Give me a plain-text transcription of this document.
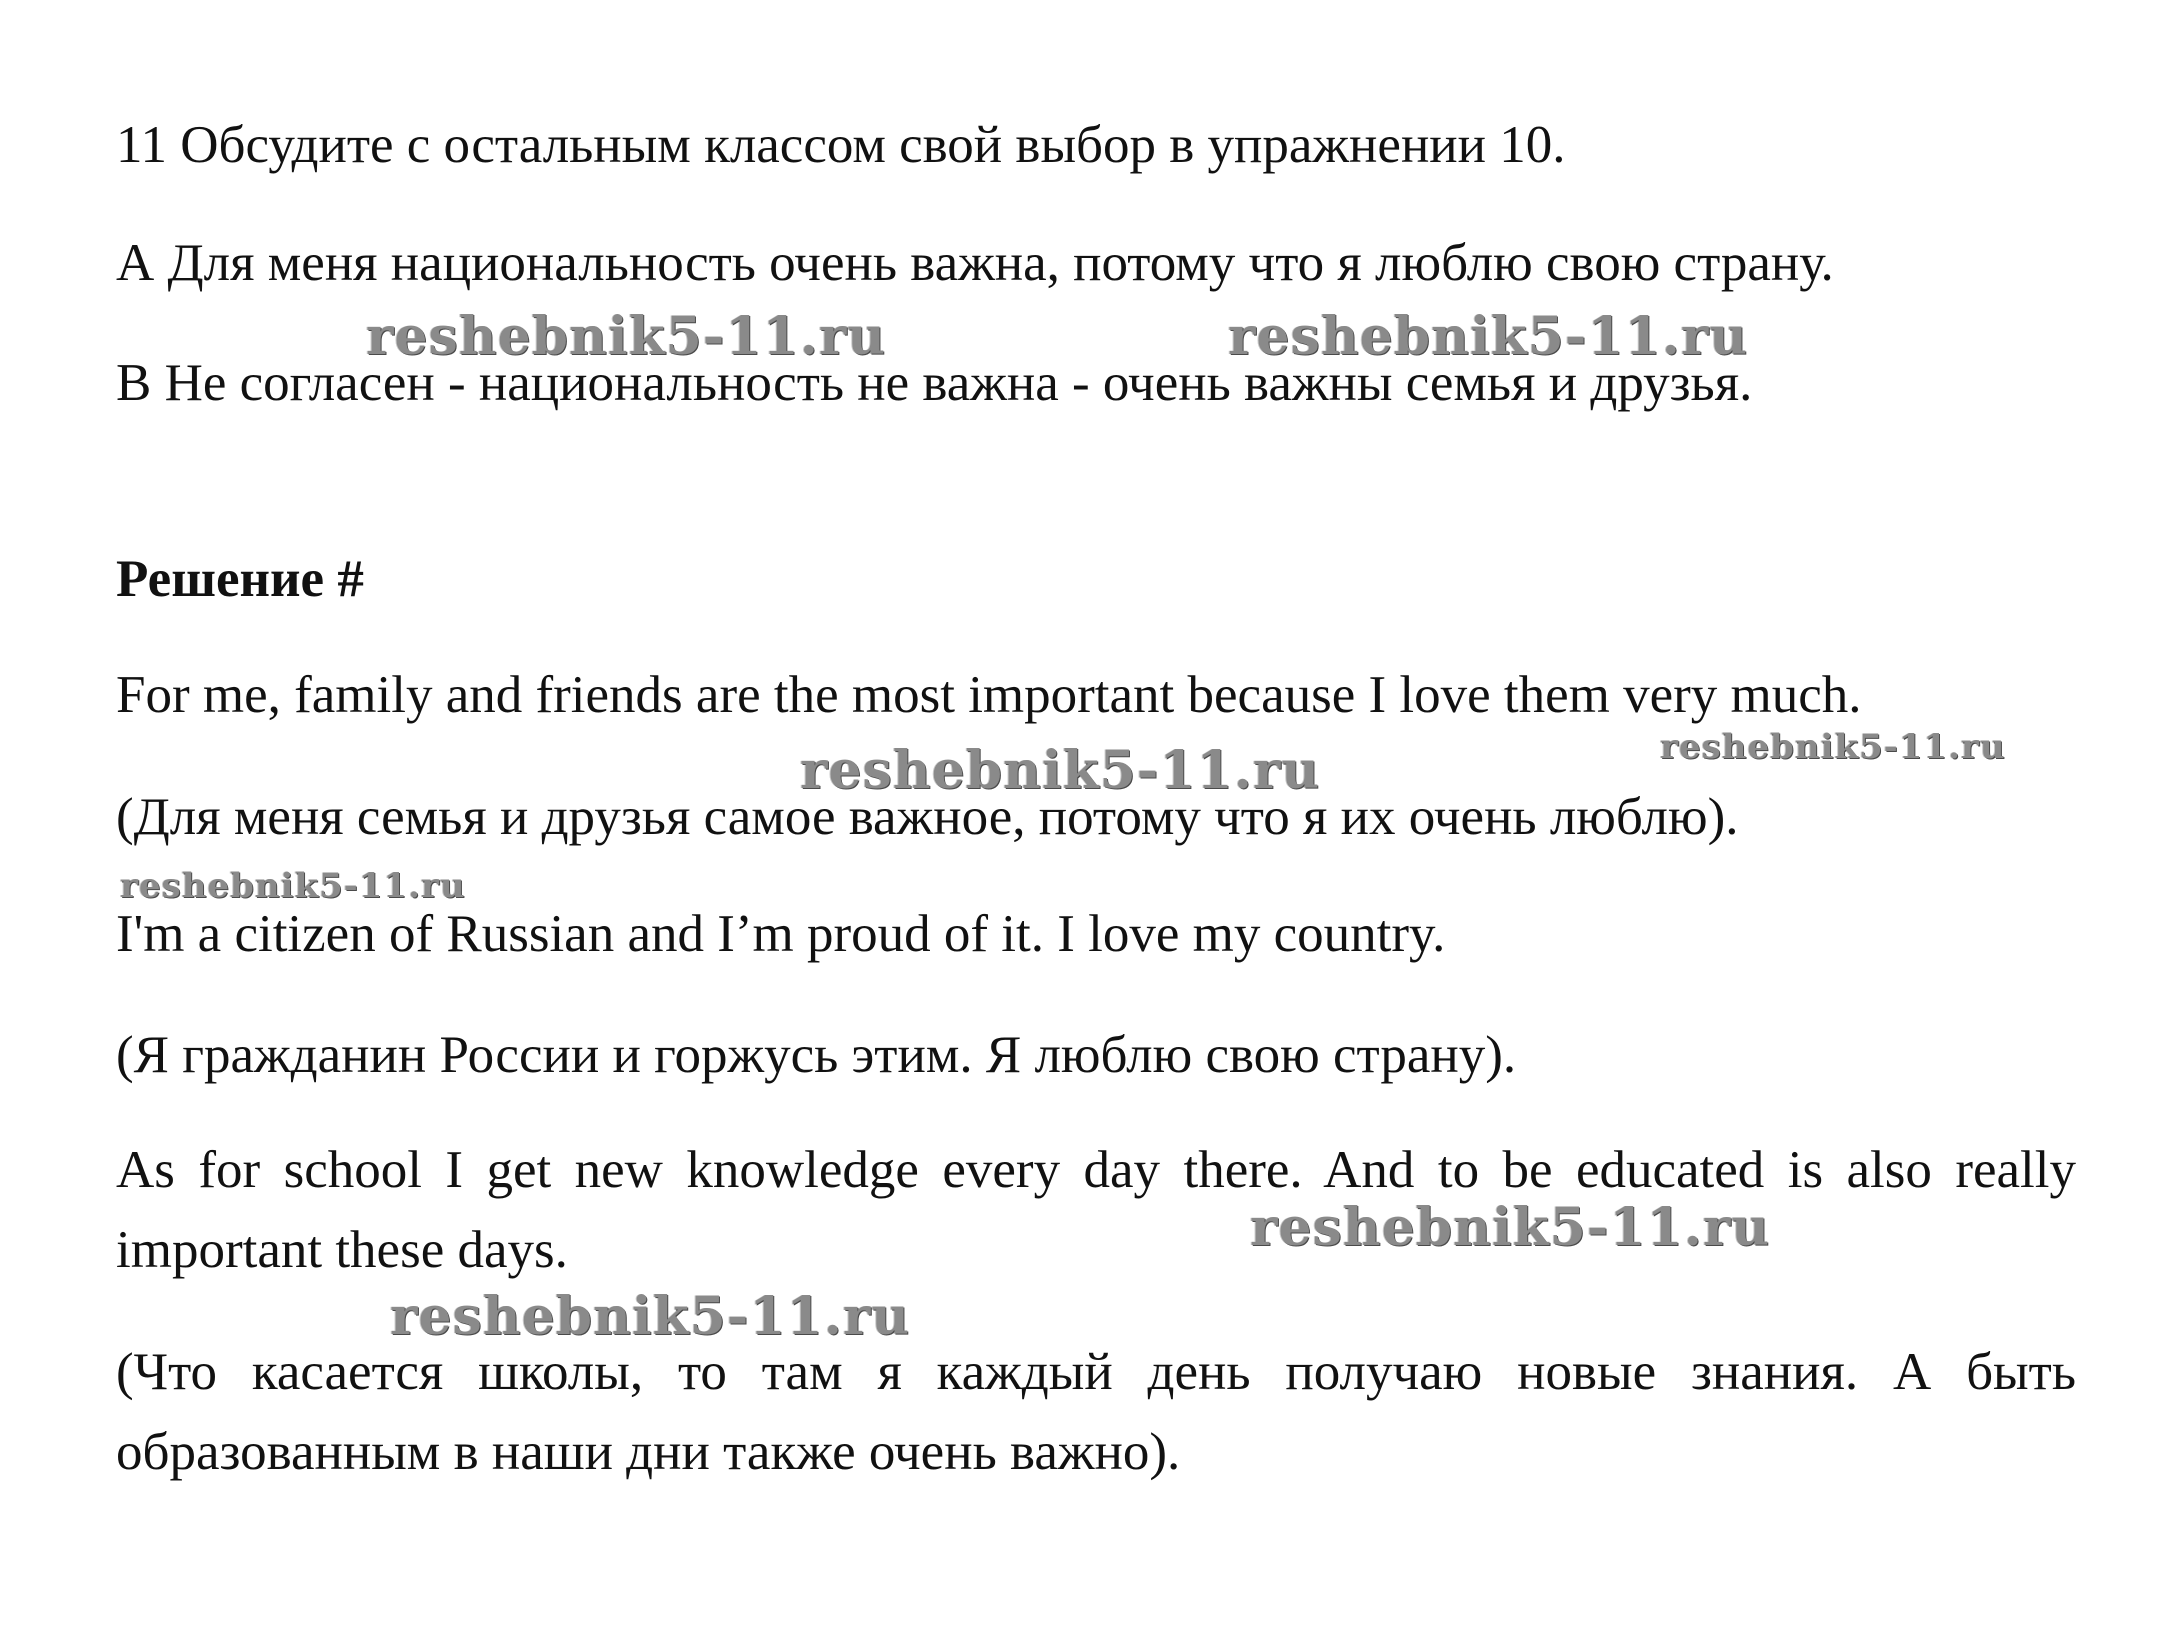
11 Обсудите с остальным классом свой выбор в упражнении 10.

А Для меня национальность очень важна, потому что я люблю свою страну.

В Не согласен - национальность не важна - очень важны семья и друзья.

Решение #

For me, family and friends are the most important because I love them very much.

(Для меня семья и друзья самое важное, потому что я их очень люблю).

I'm a citizen of Russian and I’m proud of it. I love my country.

(Я гражданин России и горжусь этим. Я люблю свою страну).

As for school I get new knowledge every day there. And to be educated is also really important these days.

(Что касается школы, то там я каждый день получаю новые знания. А быть образованным в наши дни также очень важно).

reshebnik5-11.ru	reshebnik5-11.ru
reshebnik5-11.ru	reshebnik5-11.ru
reshebnik5-11.ru
reshebnik5-11.ru
reshebnik5-11.ru
